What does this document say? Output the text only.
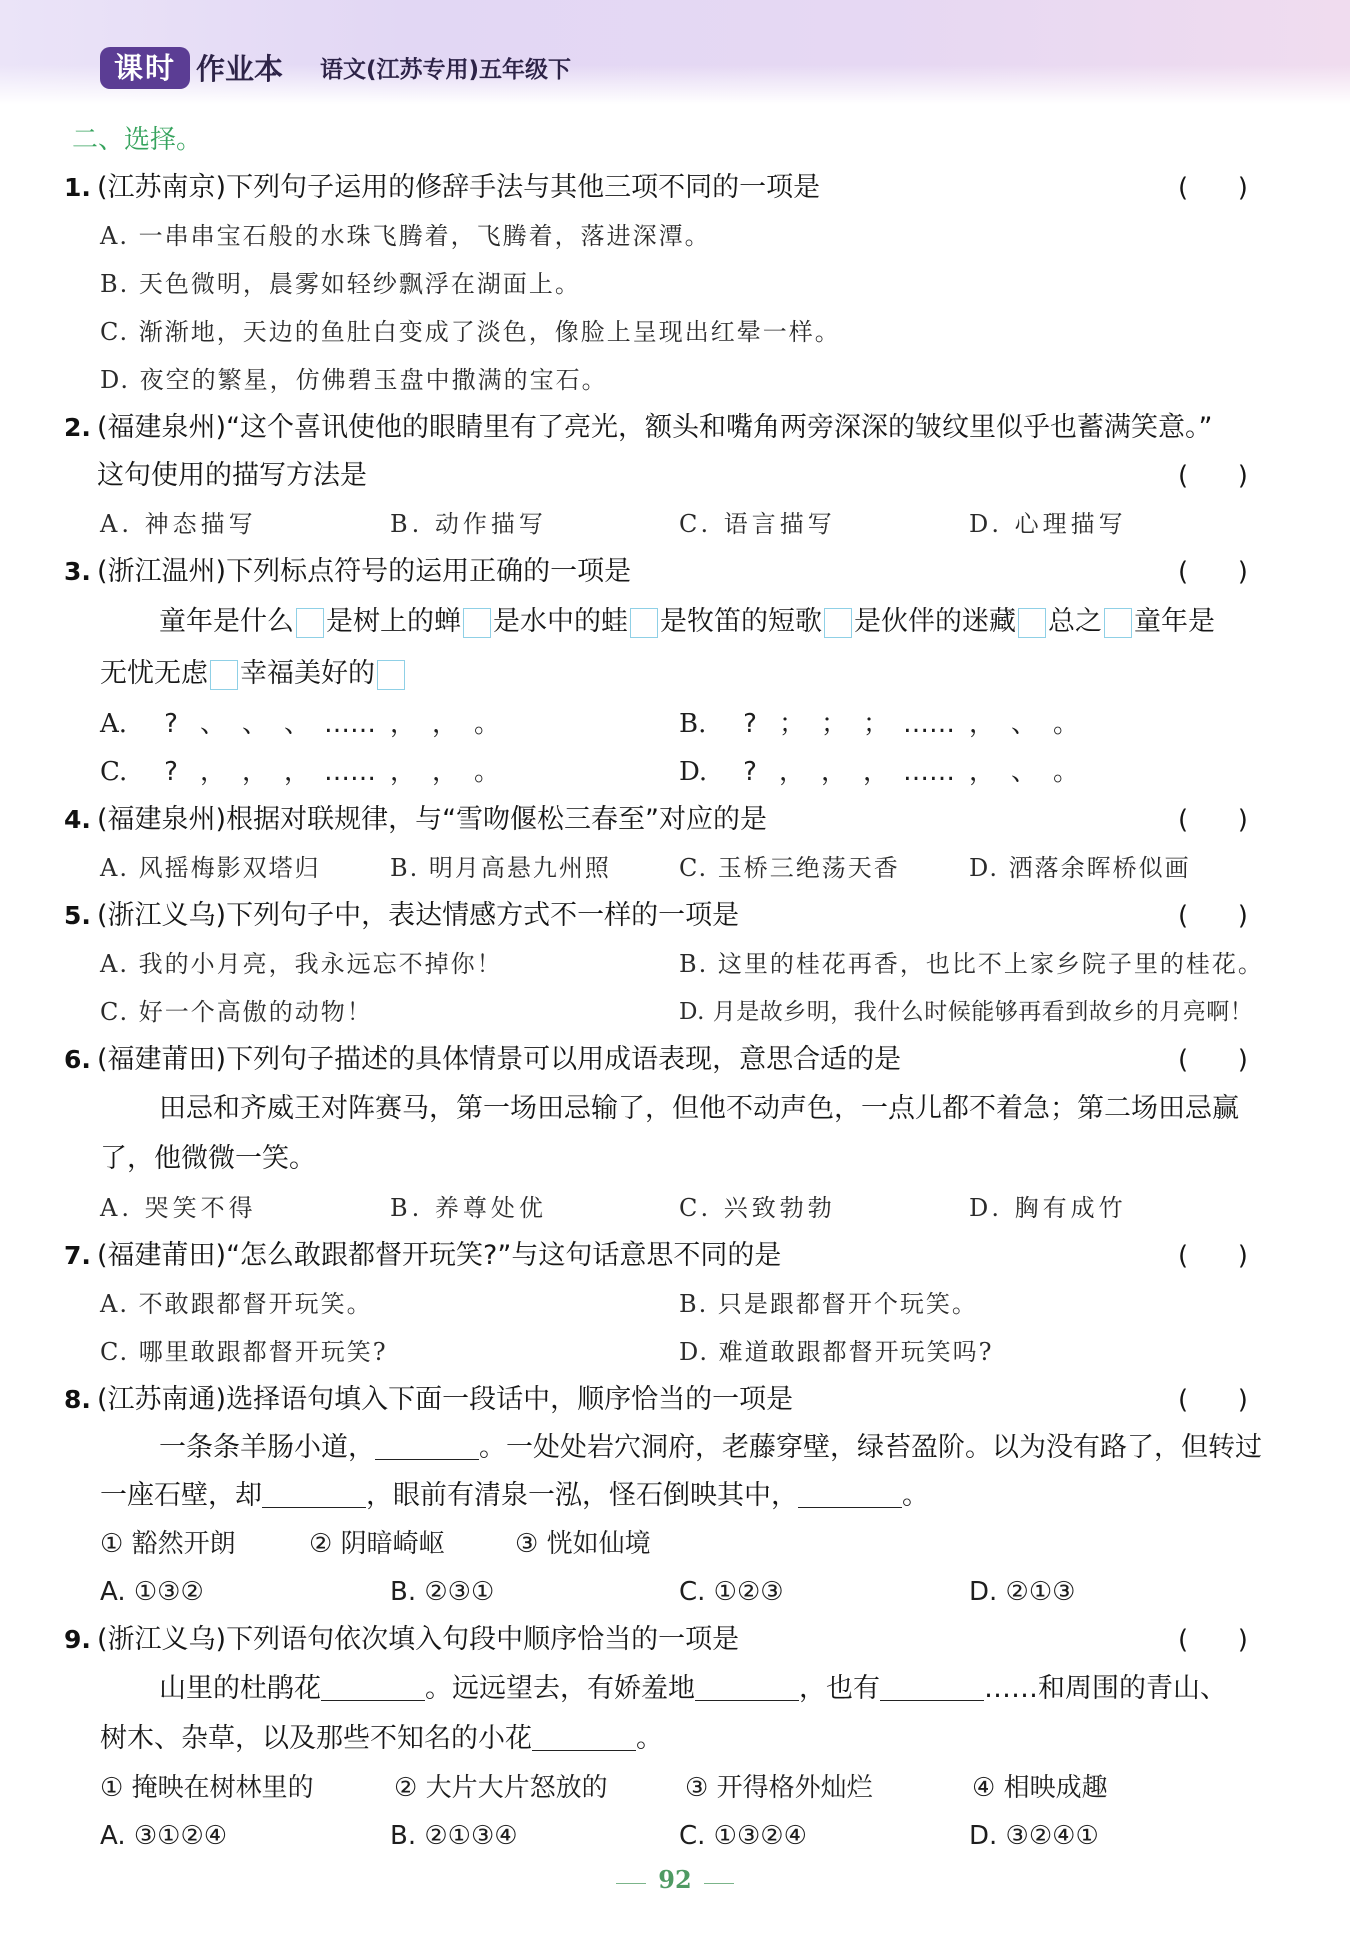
课时 作业本 语文(江苏专用)五年级下
二、选择。
1. (江苏南京)下列句子运用的修辞手法与其他三项不同的一项是	(      )
A. 一串串宝石般的水珠飞腾着，飞腾着，落进深潭。
B. 天色微明，晨雾如轻纱飘浮在湖面上。
C. 渐渐地，天边的鱼肚白变成了淡色，像脸上呈现出红晕一样。
D. 夜空的繁星，仿佛碧玉盘中撒满的宝石。
2. (福建泉州)“这个喜讯使他的眼睛里有了亮光，额头和嘴角两旁深深的皱纹里似乎也蓄满笑意。”
这句使用的描写方法是	(      )
A. 神态描写	B. 动作描写	C. 语言描写	D. 心理描写
3. (浙江温州)下列标点符号的运用正确的一项是	(      )
童年是什么 是树上的蝉 是水中的蛙 是牧笛的短歌 是伙伴的迷藏 总之 童年是
无忧无虑 幸福美好的
A. ? 、 、 、 …… ， ， 。	B. ? ； ； ； …… ， 、 。
C. ? ， ， ， …… ， ， 。	D. ? ， ， ， …… ， 、 。
4. (福建泉州)根据对联规律，与“雪吻偃松三春至”对应的是	(      )
A. 风摇梅影双塔归	B. 明月高悬九州照	C. 玉桥三绝荡天香	D. 洒落余晖桥似画
5. (浙江义乌)下列句子中，表达情感方式不一样的一项是	(      )
A. 我的小月亮，我永远忘不掉你！	B. 这里的桂花再香，也比不上家乡院子里的桂花。
C. 好一个高傲的动物！	D. 月是故乡明，我什么时候能够再看到故乡的月亮啊！
6. (福建莆田)下列句子描述的具体情景可以用成语表现，意思合适的是	(      )
田忌和齐威王对阵赛马，第一场田忌输了，但他不动声色，一点儿都不着急；第二场田忌赢
了，他微微一笑。
A. 哭笑不得	B. 养尊处优	C. 兴致勃勃	D. 胸有成竹
7. (福建莆田)“怎么敢跟都督开玩笑?”与这句话意思不同的是	(      )
A. 不敢跟都督开玩笑。	B. 只是跟都督开个玩笑。
C. 哪里敢跟都督开玩笑?	D. 难道敢跟都督开玩笑吗?
8. (江苏南通)选择语句填入下面一段话中，顺序恰当的一项是	(      )
一条条羊肠小道，	。一处处岩穴洞府，老藤穿壁，绿苔盈阶。以为没有路了，但转过
一座石壁，却	，眼前有清泉一泓，怪石倒映其中，	。
① 豁然开朗	② 阴暗崎岖	③ 恍如仙境
A. ①③②	B. ②③①	C. ①②③	D. ②①③
9. (浙江义乌)下列语句依次填入句段中顺序恰当的一项是	(      )
山里的杜鹃花	。远远望去，有娇羞地	，也有	……和周围的青山、
树木、杂草，以及那些不知名的小花	。
① 掩映在树林里的	② 大片大片怒放的	③ 开得格外灿烂	④ 相映成趣
A. ③①②④	B. ②①③④	C. ①③②④	D. ③②④①
92
